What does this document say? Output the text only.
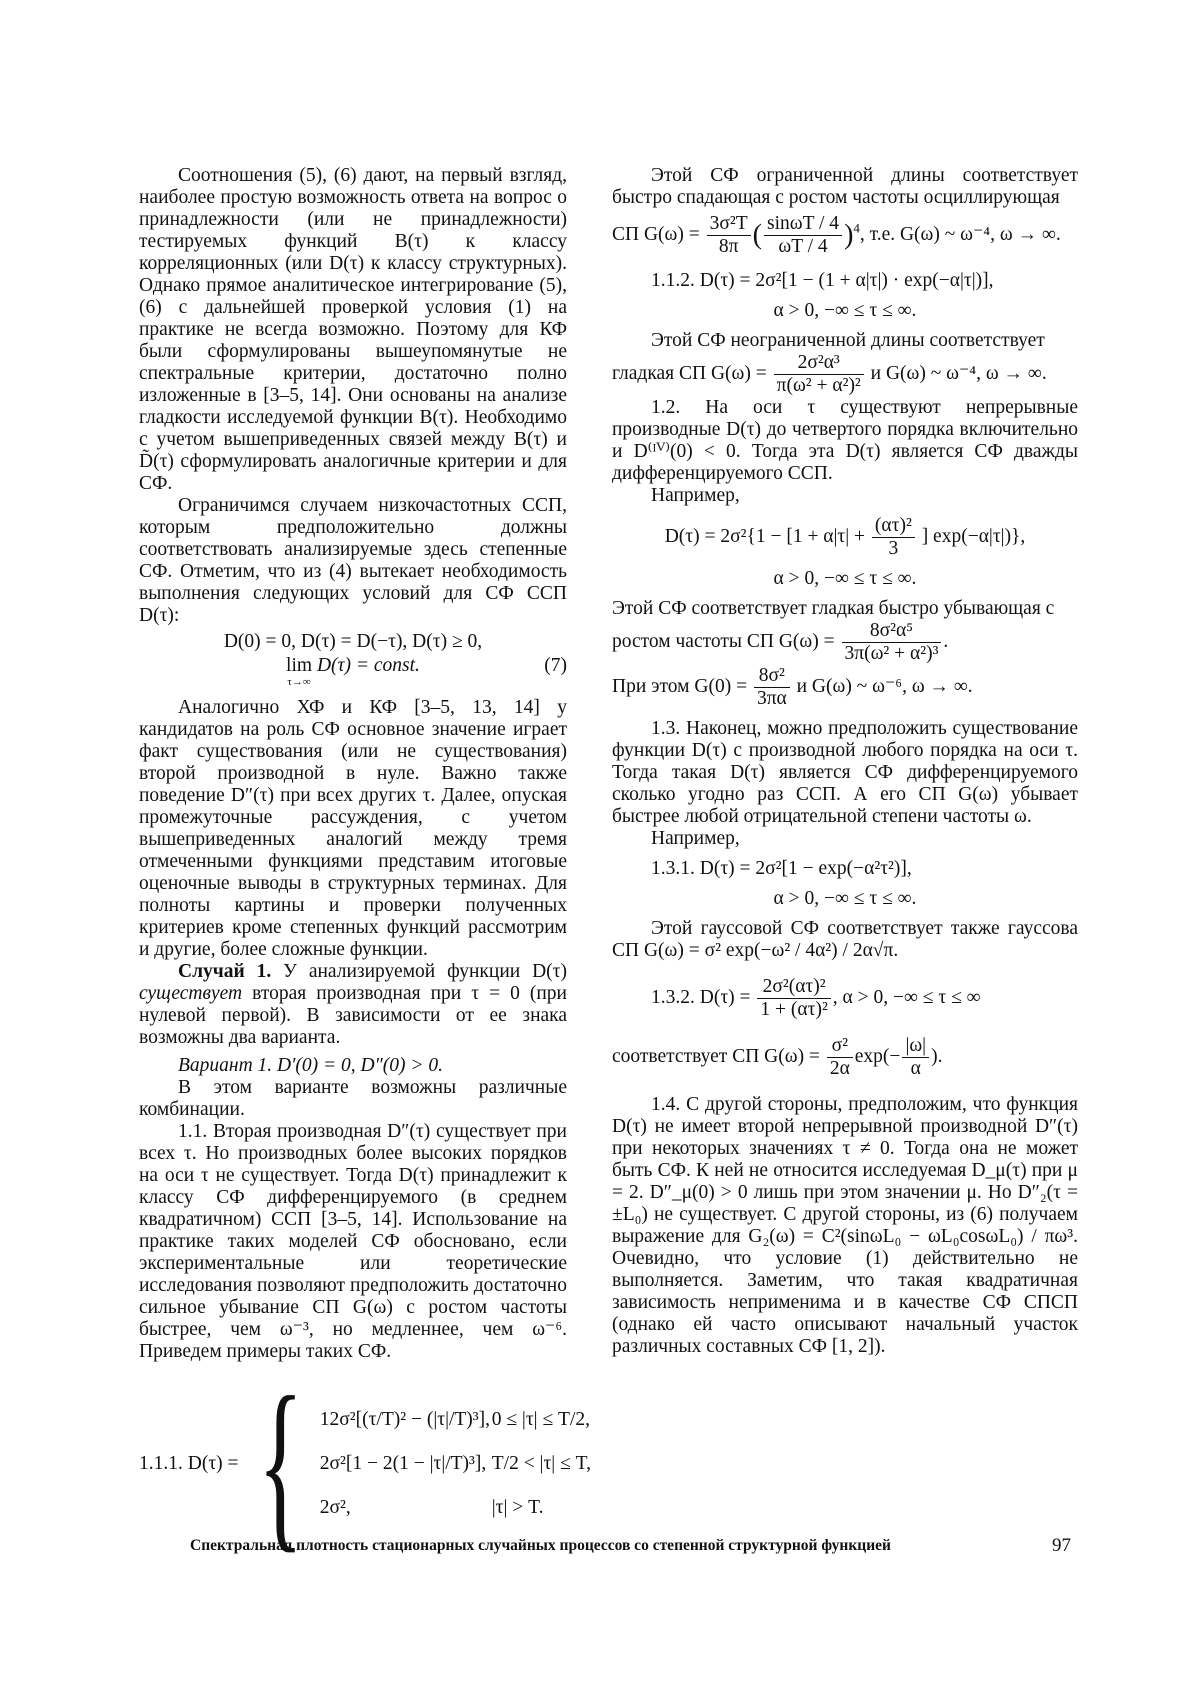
Соотношения (5), (6) дают, на первый взгляд, наиболее простую возможность ответа на вопрос о принадлежности (или не принадлежности) тестируемых функций B(τ) к классу корреляционных (или D(τ) к классу структурных). Однако прямое аналитическое интегрирование (5), (6) с дальнейшей проверкой условия (1) на практике не всегда возможно. Поэтому для КФ были сформулированы вышеупомянутые не спектральные критерии, достаточно полно изложенные в [3–5, 14]. Они основаны на анализе гладкости исследуемой функции B(τ). Необходимо с учетом вышеприведенных связей между B(τ) и D̃(τ) сформулировать аналогичные критерии и для СФ.

Ограничимся случаем низкочастотных ССП, которым предположительно должны соответствовать анализируемые здесь степенные СФ. Отметим, что из (4) вытекает необходимость выполнения следующих условий для СФ ССП D(τ):

D(0) = 0, D(τ) = D(−τ), D(τ) ≥ 0,
lim
$^{\tau\to\infty}$ D(τ) = const.	(7)

Аналогично ХФ и КФ [3–5, 13, 14] у кандидатов на роль СФ основное значение играет факт существования (или не существования) второй производной в нуле. Важно также поведение D″(τ) при всех других τ. Далее, опуская промежуточные рассуждения, с учетом вышеприведенных аналогий между тремя отмеченными функциями представим итоговые оценочные выводы в структурных терминах. Для полноты картины и проверки полученных критериев кроме степенных функций рассмотрим и другие, более сложные функции.

Случай 1. У анализируемой функции D(τ) существует вторая производная при τ = 0 (при нулевой первой). В зависимости от ее знака возможны два варианта.

Вариант 1. D′(0) = 0, D″(0) > 0.

В этом варианте возможны различные комбинации.

1.1. Вторая производная D″(τ) существует при всех τ. Но производных более высоких порядков на оси τ не существует. Тогда D(τ) принадлежит к классу СФ дифференцируемого (в среднем квадратичном) ССП [3–5, 14]. Использование на практике таких моделей СФ обосновано, если экспериментальные или теоретические исследования позволяют предположить достаточно сильное убывание СП G(ω) с ростом частоты быстрее, чем ω⁻³, но медленнее, чем ω⁻⁶. Приведем примеры таких СФ.

1.1.1. D(τ) = { 12σ²[(τ/T)² − (|τ|/T)³], 0 ≤ |τ| ≤ T/2,
2σ²[1 − 2(1 − |τ|/T)³], T/2 < |τ| ≤ T,
2σ²,	|τ| > T.

Этой СФ ограниченной длины соответствует быстро спадающая с ростом частоты осциллирующая

СП $G(\omega) = \frac{\text{3σ²T}}{8\pi}$ ( $\frac{\sin\omega T / 4}{\omega T / 4} )^4$, т.е. G(ω) ~ ω⁻⁴, ω → ∞.
1.1.2. D(τ) = 2σ²[1 − (1 + α|τ|) · exp(−α|τ|)],
α > 0, −∞ ≤ τ ≤ ∞.

Этой СФ неограниченной длины соответствует

гладкая СП $G(\omega) = \frac{\text{2σ²α³}}{\text{π(ω² + α²)²}}$ и G(ω) ~ ω⁻⁴, ω → ∞.

1.2. На оси τ существуют непрерывные производные D(τ) до четвертого порядка включительно и D⁽ᴵⱽ⁾(0) < 0. Тогда эта D(τ) является СФ дважды дифференцируемого ССП.

Например,

$D(\tau) = 2\sigma^2\{1 - [1 + \alpha|\tau| + \frac{\text{(ατ)²}}{3}$ ] exp(−α|τ|)},
α > 0, −∞ ≤ τ ≤ ∞.

Этой СФ соответствует гладкая быстро убывающая с ростом частоты СП $G(\omega) = \frac{\text{8σ²α⁵}}{\text{3π(ω² + α²)³}}$ .
При этом $G(0) = \frac{\text{8σ²}}{3\pi\alpha}$ и G(ω) ~ ω⁻⁶, ω → ∞.

1.3. Наконец, можно предположить существование функции D(τ) с производной любого порядка на оси τ. Тогда такая D(τ) является СФ дифференцируемого сколько угодно раз ССП. А его СП G(ω) убывает быстрее любой отрицательной степени частоты ω.

Например,

1.3.1. D(τ) = 2σ²[1 − exp(−α²τ²)],
α > 0, −∞ ≤ τ ≤ ∞.

Этой гауссовой СФ соответствует также гауссова СП G(ω) = σ² exp(−ω² / 4α²) / 2α√π.

1.3.2. $D(\tau) = \frac{\text{2σ²(ατ)²}}{\text{1 + (ατ)²}}$ , α > 0, −∞ ≤ τ ≤ ∞
соответствует СП $G(\omega) = \frac{\text{σ²}}{2\alpha} \exp(- \frac{|\omega|}{\alpha}$ ).

1.4. С другой стороны, предположим, что функция D(τ) не имеет второй непрерывной производной D″(τ) при некоторых значениях τ ≠ 0. Тогда она не может быть СФ. К ней не относится исследуемая D_μ(τ) при μ = 2. D″_μ(0) > 0 лишь при этом значении μ. Но D″₂(τ = ±L₀) не существует. С другой стороны, из (6) получаем выражение для G₂(ω) = C²(sinωL₀ − ωL₀cosωL₀) / πω³. Очевидно, что условие (1) действительно не выполняется. Заметим, что такая квадратичная зависимость неприменима и в качестве СФ СПСП (однако ей часто описывают начальный участок различных составных СФ [1, 2]).

Спектральная плотность стационарных случайных процессов со степенной структурной функцией	97
